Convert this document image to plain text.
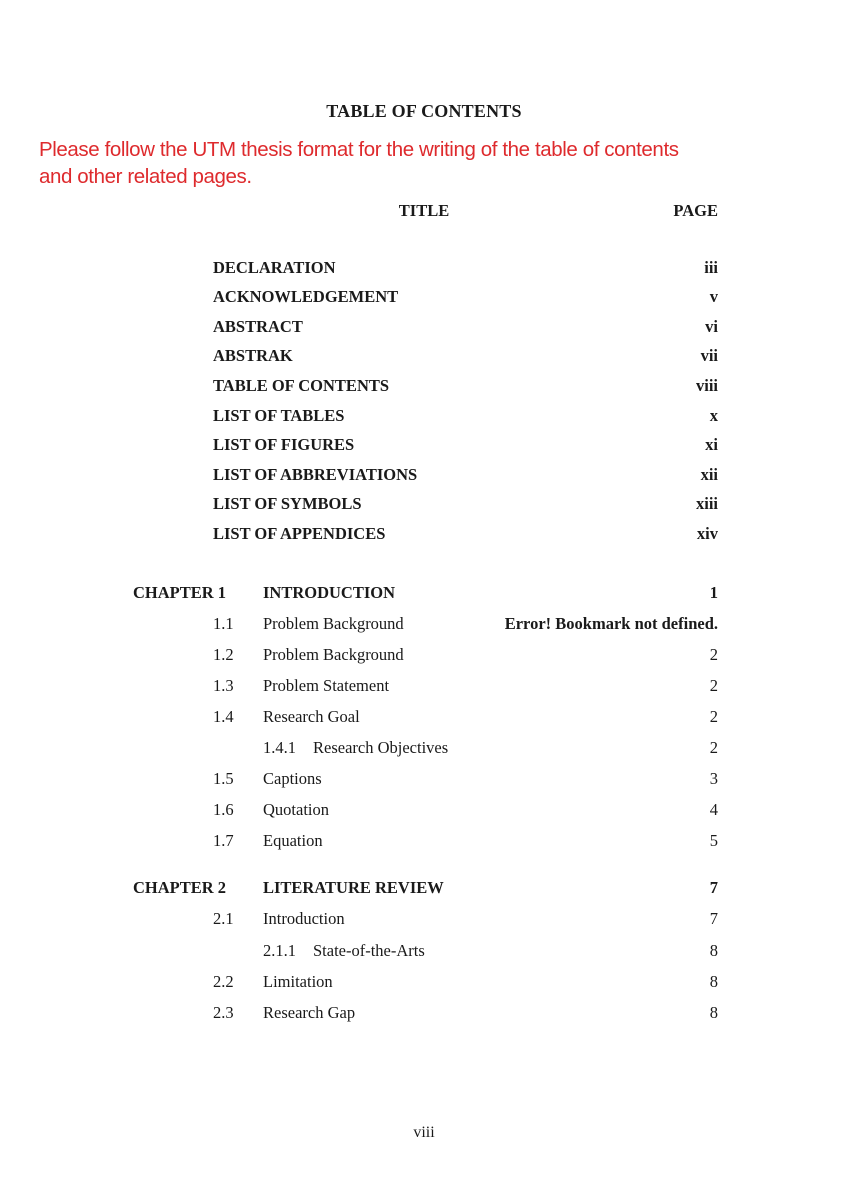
TABLE OF CONTENTS
Please follow the UTM thesis format for the writing of the table of contents
and other related pages.
TITLE	PAGE
DECLARATION	iii
ACKNOWLEDGEMENT	v
ABSTRACT	vi
ABSTRAK	vii
TABLE OF CONTENTS	viii
LIST OF TABLES	x
LIST OF FIGURES	xi
LIST OF ABBREVIATIONS	xii
LIST OF SYMBOLS	xiii
LIST OF APPENDICES	xiv
CHAPTER 1 INTRODUCTION	1
1.1 Problem Background	Error! Bookmark not defined.
1.2 Problem Background	2
1.3 Problem Statement	2
1.4 Research Goal	2
1.4.1 Research Objectives	2
1.5 Captions	3
1.6 Quotation	4
1.7 Equation	5
CHAPTER 2 LITERATURE REVIEW	7
2.1 Introduction	7
2.1.1 State-of-the-Arts	8
2.2 Limitation	8
2.3 Research Gap	8
viii
